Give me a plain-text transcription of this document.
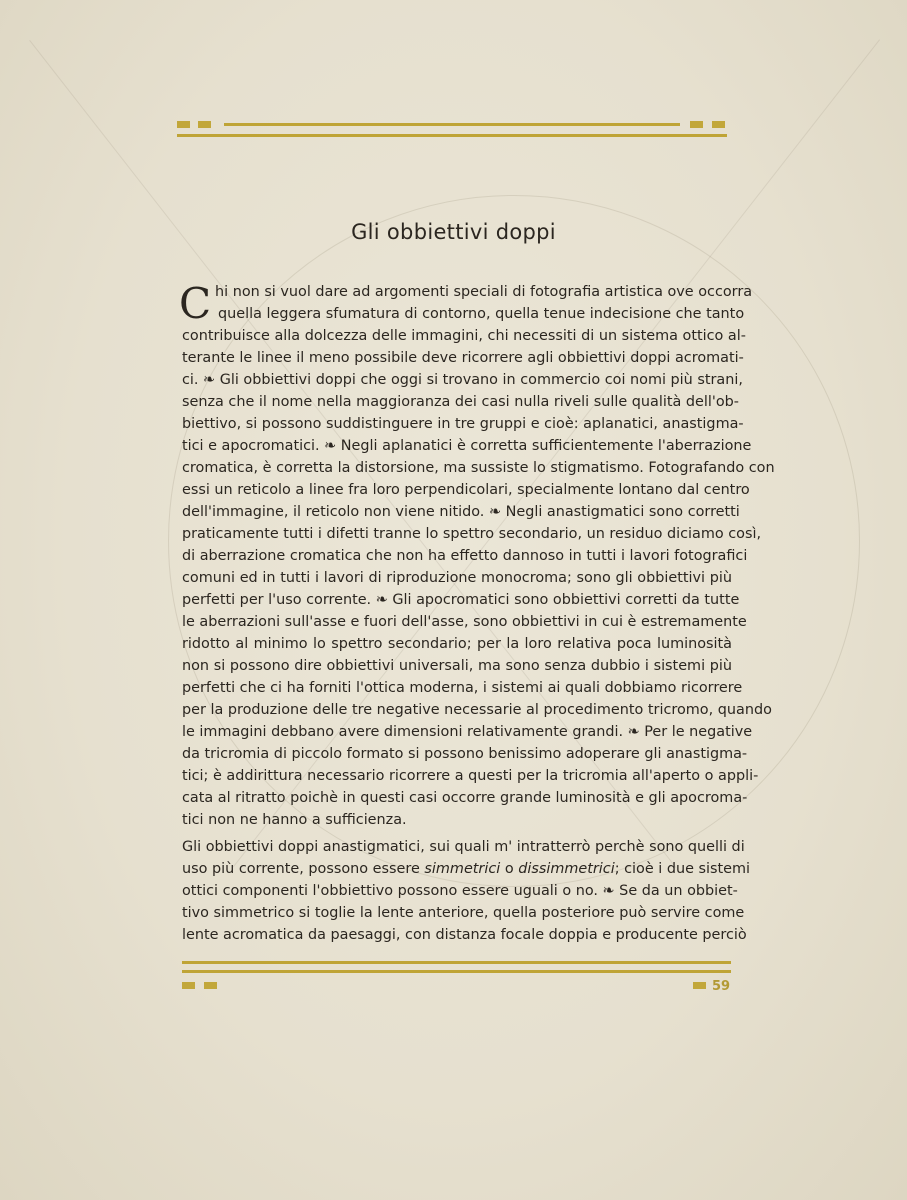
Gli obbiettivi doppi
C hi non si vuol dare ad argomenti speciali di fotografia artistica ove occorra
quella leggera sfumatura di contorno, quella tenue indecisione che tanto
contribuisce alla dolcezza delle immagini, chi necessiti di un sistema ottico al-
terante le linee il meno possibile deve ricorrere agli obbiettivi doppi acromati-
ci. ❧ Gli obbiettivi doppi che oggi si trovano in commercio coi nomi più strani,
senza che il nome nella maggioranza dei casi nulla riveli sulle qualità dell'ob-
biettivo, si possono suddistinguere in tre gruppi e cioè: aplanatici, anastigma-
tici e apocromatici. ❧ Negli aplanatici è corretta sufficientemente l'aberrazione
cromatica, è corretta la distorsione, ma sussiste lo stigmatismo. Fotografando con
essi un reticolo a linee fra loro perpendicolari, specialmente lontano dal centro
dell'immagine, il reticolo non viene nitido. ❧ Negli anastigmatici sono corretti
praticamente tutti i difetti tranne lo spettro secondario, un residuo diciamo così,
di aberrazione cromatica che non ha effetto dannoso in tutti i lavori fotografici
comuni ed in tutti i lavori di riproduzione monocroma; sono gli obbiettivi più
perfetti per l'uso corrente. ❧ Gli apocromatici sono obbiettivi corretti da tutte
le aberrazioni sull'asse e fuori dell'asse, sono obbiettivi in cui è estremamente
ridotto al minimo lo spettro secondario; per la loro relativa poca luminosità
non si possono dire obbiettivi universali, ma sono senza dubbio i sistemi più
perfetti che ci ha forniti l'ottica moderna, i sistemi ai quali dobbiamo ricorrere
per la produzione delle tre negative necessarie al procedimento tricromo, quando
le immagini debbano avere dimensioni relativamente grandi. ❧ Per le negative
da tricromia di piccolo formato si possono benissimo adoperare gli anastigma-
tici; è addirittura necessario ricorrere a questi per la tricromia all'aperto o appli-
cata al ritratto poichè in questi casi occorre grande luminosità e gli apocroma-
tici non ne hanno a sufficienza.
Gli obbiettivi doppi anastigmatici, sui quali m' intratterrò perchè sono quelli di
uso più corrente, possono essere simmetrici o dissimmetrici; cioè i due sistemi
ottici componenti l'obbiettivo possono essere uguali o no. ❧ Se da un obbiet-
tivo simmetrico si toglie la lente anteriore, quella posteriore può servire come
lente acromatica da paesaggi, con distanza focale doppia e producente perciò
59
